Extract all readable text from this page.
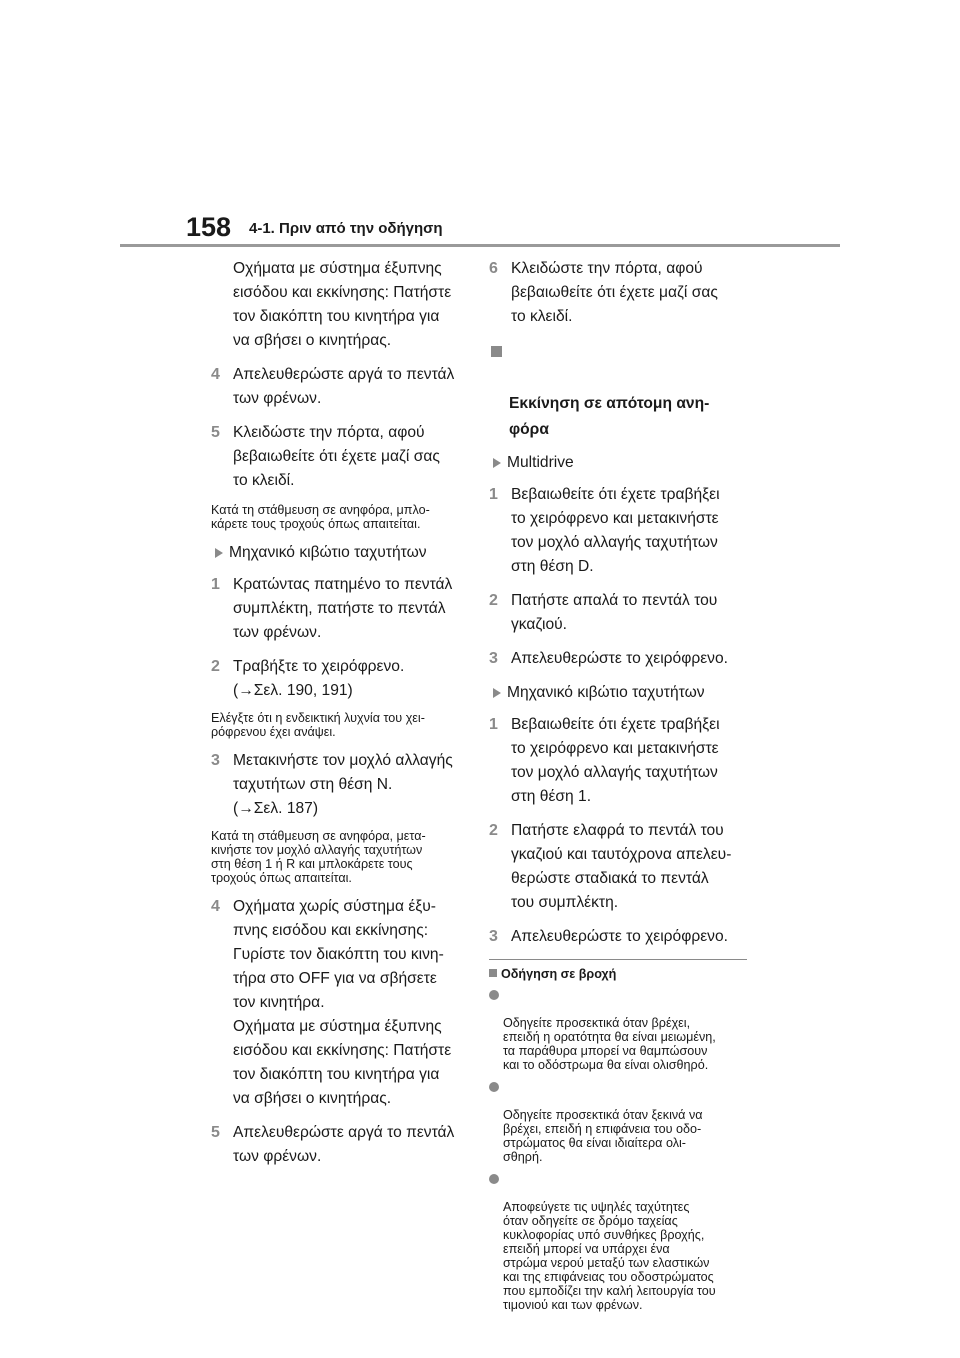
158 4-1. Πριν από την οδήγηση
Οχήματα με σύστημα έξυπνης
εισόδου και εκκίνησης: Πατήστε
τον διακόπτη του κινητήρα για
να σβήσει ο κινητήρας.
4 Απελευθερώστε αργά το πεντάλ
των φρένων.
5 Κλειδώστε την πόρτα, αφού
βεβαιωθείτε ότι έχετε μαζί σας
το κλειδί.
Κατά τη στάθμευση σε ανηφόρα, μπλο-
κάρετε τους τροχούς όπως απαιτείται.
Μηχανικό κιβώτιο ταχυτήτων
1 Κρατώντας πατημένο το πεντάλ
συμπλέκτη, πατήστε το πεντάλ
των φρένων.
2 Τραβήξτε το χειρόφρενο.
(→Σελ. 190, 191)
Ελέγξτε ότι η ενδεικτική λυχνία του χει-
ρόφρενου έχει ανάψει.
3 Μετακινήστε τον μοχλό αλλαγής
ταχυτήτων στη θέση N.
(→Σελ. 187)
Κατά τη στάθμευση σε ανηφόρα, μετα-
κινήστε τον μοχλό αλλαγής ταχυτήτων
στη θέση 1 ή R και μπλοκάρετε τους
τροχούς όπως απαιτείται.
4 Οχήματα χωρίς σύστημα έξυ-
πνης εισόδου και εκκίνησης:
Γυρίστε τον διακόπτη του κινη-
τήρα στο OFF για να σβήσετε
τον κινητήρα.
Οχήματα με σύστημα έξυπνης
εισόδου και εκκίνησης: Πατήστε
τον διακόπτη του κινητήρα για
να σβήσει ο κινητήρας.
5 Απελευθερώστε αργά το πεντάλ
των φρένων.
6 Κλειδώστε την πόρτα, αφού
βεβαιωθείτε ότι έχετε μαζί σας
το κλειδί.

Εκκίνηση σε απότομη ανη-
φόρα

Multidrive
1 Βεβαιωθείτε ότι έχετε τραβήξει
το χειρόφρενο και μετακινήστε
τον μοχλό αλλαγής ταχυτήτων
στη θέση D.
2 Πατήστε απαλά το πεντάλ του
γκαζιού.
3 Απελευθερώστε το χειρόφρενο.
Μηχανικό κιβώτιο ταχυτήτων
1 Βεβαιωθείτε ότι έχετε τραβήξει
το χειρόφρενο και μετακινήστε
τον μοχλό αλλαγής ταχυτήτων
στη θέση 1.
2 Πατήστε ελαφρά το πεντάλ του
γκαζιού και ταυτόχρονα απελευ-
θερώστε σταδιακά το πεντάλ
του συμπλέκτη.
3 Απελευθερώστε το χειρόφρενο.
Οδήγηση σε βροχή

Οδηγείτε προσεκτικά όταν βρέχει,
επειδή η ορατότητα θα είναι μειωμένη,
τα παράθυρα μπορεί να θαμπώσουν
και το οδόστρωμα θα είναι ολισθηρό.

Οδηγείτε προσεκτικά όταν ξεκινά να
βρέχει, επειδή η επιφάνεια του οδο-
στρώματος θα είναι ιδιαίτερα ολι-
σθηρή.

Αποφεύγετε τις υψηλές ταχύτητες
όταν οδηγείτε σε δρόμο ταχείας
κυκλοφορίας υπό συνθήκες βροχής,
επειδή μπορεί να υπάρχει ένα
στρώμα νερού μεταξύ των ελαστικών
και της επιφάνειας του οδοστρώματος
που εμποδίζει την καλή λειτουργία του
τιμονιού και των φρένων.
